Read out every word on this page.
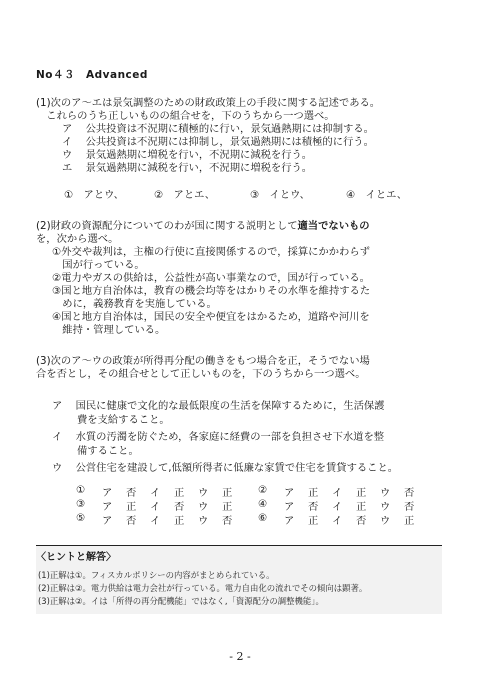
No４３　Advanced
(1)次のア～エは景気調整のための財政政策上の手段に関する記述である。
　これらのうち正しいものの組合せを，下のうちから一つ選べ。
ア 公共投資は不況期に積極的に行い，景気過熱期には抑制する。
イ 公共投資は不況期には抑制し，景気過熱期には積極的に行う。
ウ 景気過熱期に増税を行い，不況期に減税を行う。
エ 景気過熱期に減税を行い，不況期に増税を行う。
①　アとウ、	②　アとエ、	③　イとウ、	④　イとエ、
(2)財政の資源配分についてのわが国に関する説明として適当でないもの
を，次から選べ。
①外交や裁判は，主権の行使に直接関係するので，採算にかかわらず
　国が行っている。
②電力やガスの供給は，公益性が高い事業なので，国が行っている。
③国と地方自治体は，教育の機会均等をはかりその水準を維持するた
　めに，義務教育を実施している。
④国と地方自治体は，国民の安全や便宜をはかるため，道路や河川を
　維持・管理している。
(3)次のア～ウの政策が所得再分配の働きをもつ場合を正，そうでない場
合を否とし，その組合せとして正しいものを，下のうちから一つ選べ。
ア 国民に健康で文化的な最低限度の生活を保障するために，生活保護
費を支給すること。
イ 水質の汚濁を防ぐため，各家庭に経費の一部を負担させ下水道を整
備すること。
ウ 公営住宅を建設して,低額所得者に低廉な家賃で住宅を賃貸すること。
① ア 否 イ 正 ウ 正 ② ア 正 イ 正 ウ 否
③ ア 正 イ 否 ウ 正 ④ ア 否 イ 正 ウ 否
⑤ ア 否 イ 正 ウ 否 ⑥ ア 正 イ 否 ウ 正
〈ヒントと解答〉
(1)正解は①。フィスカルポリシーの内容がまとめられている。
(2)正解は②。電力供給は電力会社が行っている。電力自由化の流れでその傾向は顕著。
(3)正解は②。イは「所得の再分配機能」ではなく,「資源配分の調整機能」。
- 2 -
